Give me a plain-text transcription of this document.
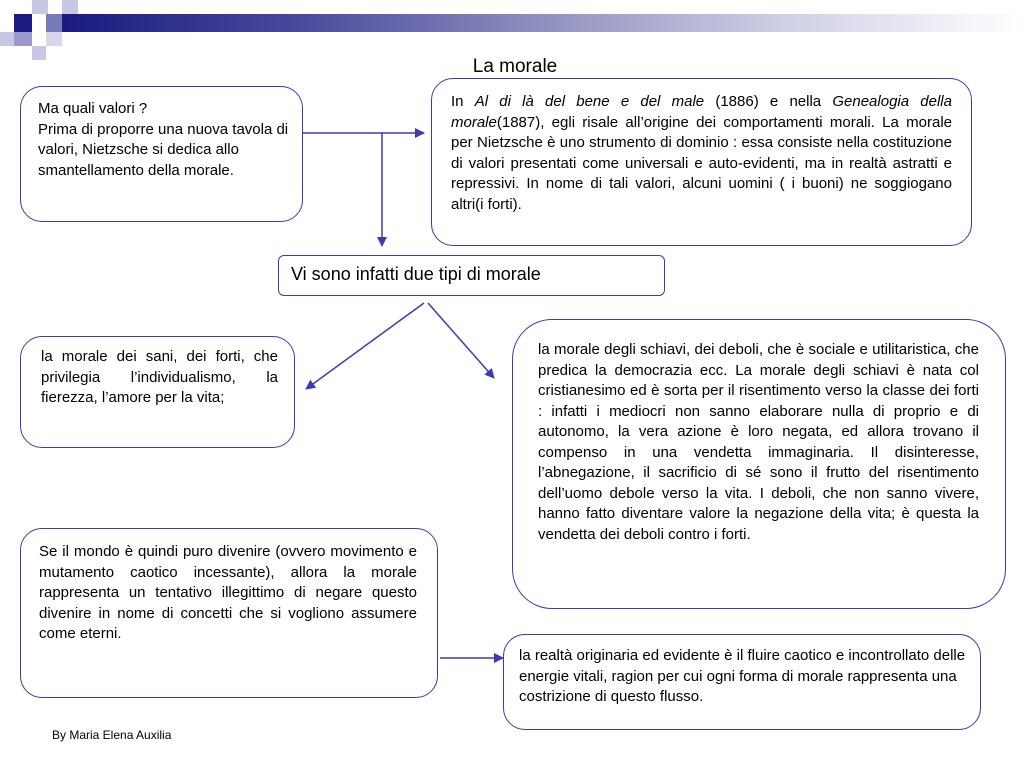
La morale

Ma quali valori ?
Prima di proporre una nuova tavola di valori, Nietzsche si dedica allo smantellamento della morale.

In Al di là del bene e del male (1886) e nella Genealogia della morale(1887), egli risale all’origine dei comportamenti morali. La morale per Nietzsche è uno strumento di dominio : essa consiste nella costituzione di valori presentati come universali e auto-evidenti, ma in realtà astratti e repressivi. In nome di tali valori, alcuni uomini ( i buoni) ne soggiogano altri(i forti).

Vi sono infatti due tipi di morale

la morale dei sani, dei forti, che privilegia l’individualismo, la fierezza, l’amore per la vita;

la morale degli schiavi, dei deboli, che è sociale e utilitaristica, che predica la democrazia ecc. La morale degli schiavi è nata col cristianesimo ed è sorta per il risentimento verso la classe dei forti : infatti i mediocri non sanno elaborare nulla di proprio e di autonomo, la vera azione è loro negata, ed allora trovano il compenso in una vendetta immaginaria. Il disinteresse, l’abnegazione, il sacrificio di sé sono il frutto del risentimento dell’uomo debole verso la vita. I deboli, che non sanno vivere, hanno fatto diventare valore la negazione della vita; è questa la vendetta dei deboli contro i forti.

Se il mondo è quindi puro divenire (ovvero movimento e mutamento caotico incessante), allora la morale rappresenta un tentativo illegittimo di negare questo divenire in nome di concetti che si vogliono assumere come eterni.

la realtà originaria ed evidente è il fluire caotico e incontrollato delle energie vitali, ragion per cui ogni forma di morale rappresenta una costrizione di questo flusso.

By Maria Elena Auxilia
